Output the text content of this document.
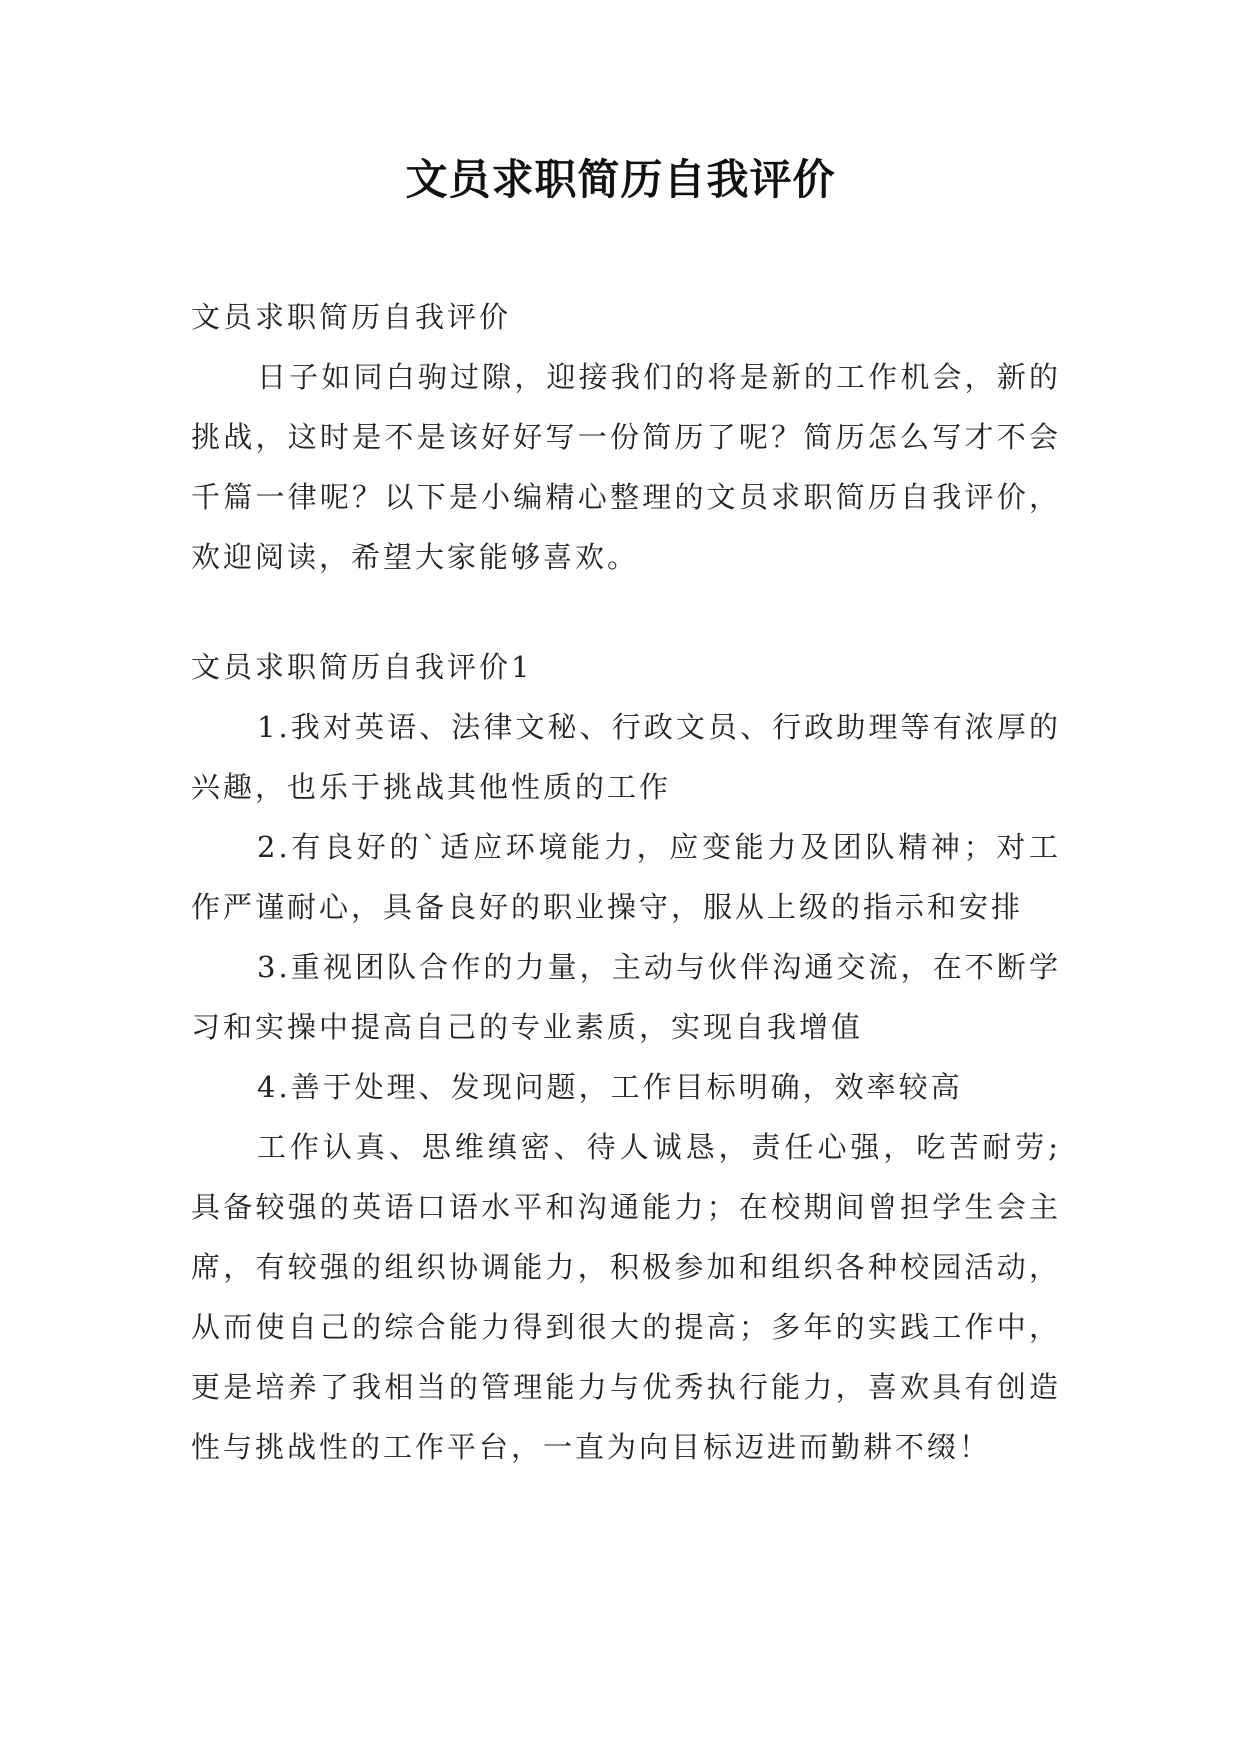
文员求职简历自我评价

文员求职简历自我评价

日子如同白驹过隙，迎接我们的将是新的工作机会，新的挑战，这时是不是该好好写一份简历了呢？简历怎么写才不会千篇一律呢？以下是小编精心整理的文员求职简历自我评价，欢迎阅读，希望大家能够喜欢。

文员求职简历自我评价1

1.我对英语、法律文秘、行政文员、行政助理等有浓厚的兴趣，也乐于挑战其他性质的工作

2.有良好的`适应环境能力，应变能力及团队精神；对工作严谨耐心，具备良好的职业操守，服从上级的指示和安排

3.重视团队合作的力量，主动与伙伴沟通交流，在不断学习和实操中提高自己的专业素质，实现自我增值

4.善于处理、发现问题，工作目标明确，效率较高

工作认真、思维缜密、待人诚恳，责任心强，吃苦耐劳;具备较强的英语口语水平和沟通能力；在校期间曾担学生会主席，有较强的组织协调能力，积极参加和组织各种校园活动，从而使自己的综合能力得到很大的提高；多年的实践工作中，更是培养了我相当的管理能力与优秀执行能力，喜欢具有创造性与挑战性的工作平台，一直为向目标迈进而勤耕不缀！
